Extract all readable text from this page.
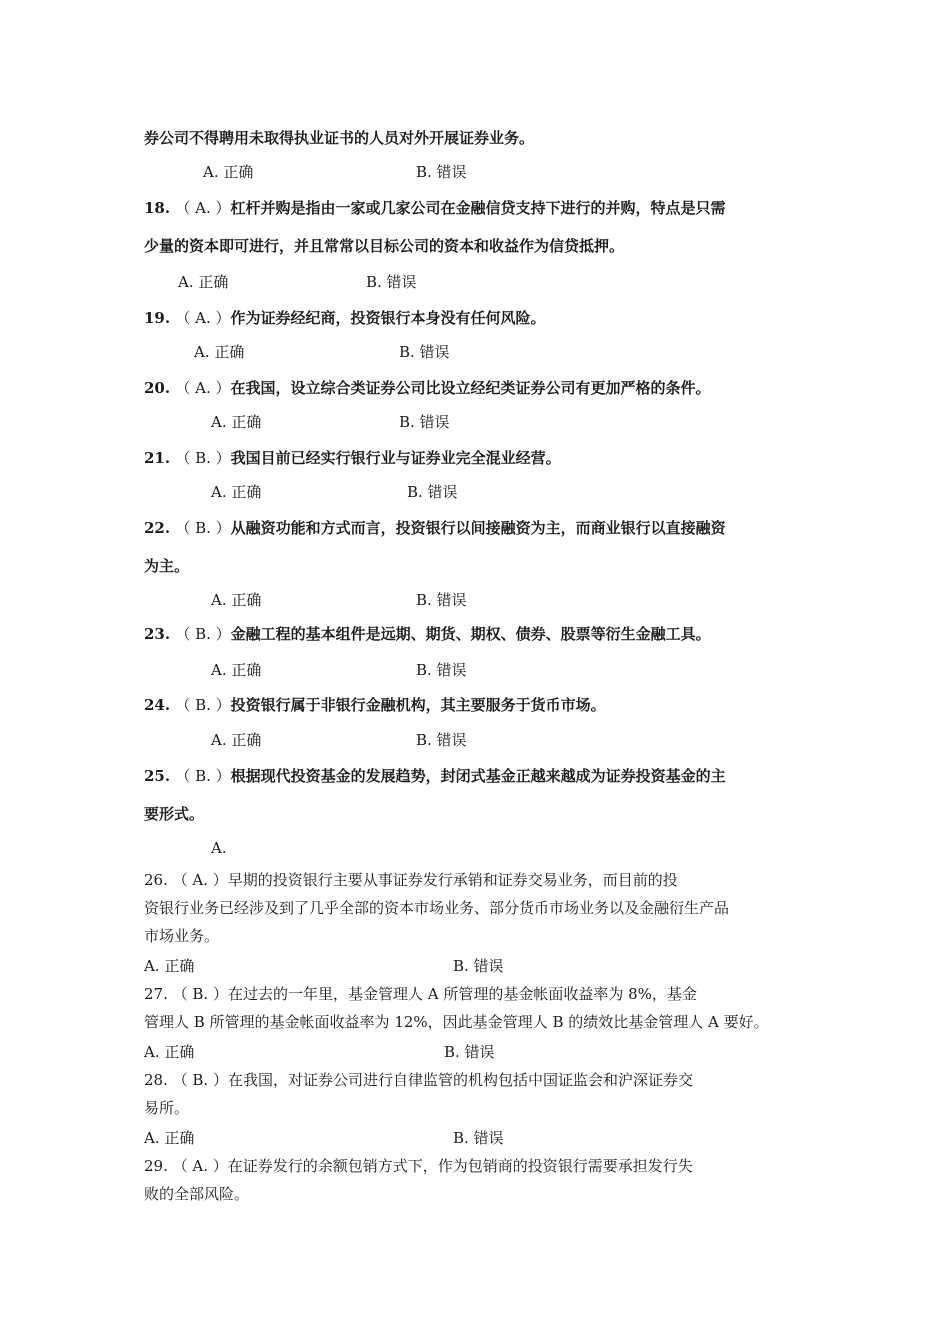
券公司不得聘用未取得执业证书的人员对外开展证券业务。
A. 正确	B. 错误
18. （ A. ）杠杆并购是指由一家或几家公司在金融信贷支持下进行的并购，特点是只需
少量的资本即可进行，并且常常以目标公司的资本和收益作为信贷抵押。
A. 正确	B. 错误
19. （ A. ）作为证券经纪商，投资银行本身没有任何风险。
A. 正确	B. 错误
20. （ A. ）在我国，设立综合类证券公司比设立经纪类证券公司有更加严格的条件。
A. 正确	B. 错误
21. （ B. ）我国目前已经实行银行业与证券业完全混业经营。
A. 正确	B. 错误
22. （ B. ）从融资功能和方式而言，投资银行以间接融资为主，而商业银行以直接融资
为主。
A. 正确	B. 错误
23. （ B. ）金融工程的基本组件是远期、期货、期权、债券、股票等衍生金融工具。
A. 正确	B. 错误
24. （ B. ）投资银行属于非银行金融机构，其主要服务于货币市场。
A. 正确	B. 错误
25. （ B. ）根据现代投资基金的发展趋势，封闭式基金正越来越成为证券投资基金的主
要形式。
A.
26. （ A. ）早期的投资银行主要从事证券发行承销和证券交易业务，而目前的投
资银行业务已经涉及到了几乎全部的资本市场业务、部分货币市场业务以及金融衍生产品
市场业务。
A. 正确	B. 错误
27. （ B. ）在过去的一年里，基金管理人 A 所管理的基金帐面收益率为 8%，基金
管理人 B 所管理的基金帐面收益率为 12%，因此基金管理人 B 的绩效比基金管理人 A 要好。
A. 正确	B. 错误
28. （ B. ）在我国，对证券公司进行自律监管的机构包括中国证监会和沪深证券交
易所。
A. 正确	B. 错误
29. （ A. ）在证券发行的余额包销方式下，作为包销商的投资银行需要承担发行失
败的全部风险。
